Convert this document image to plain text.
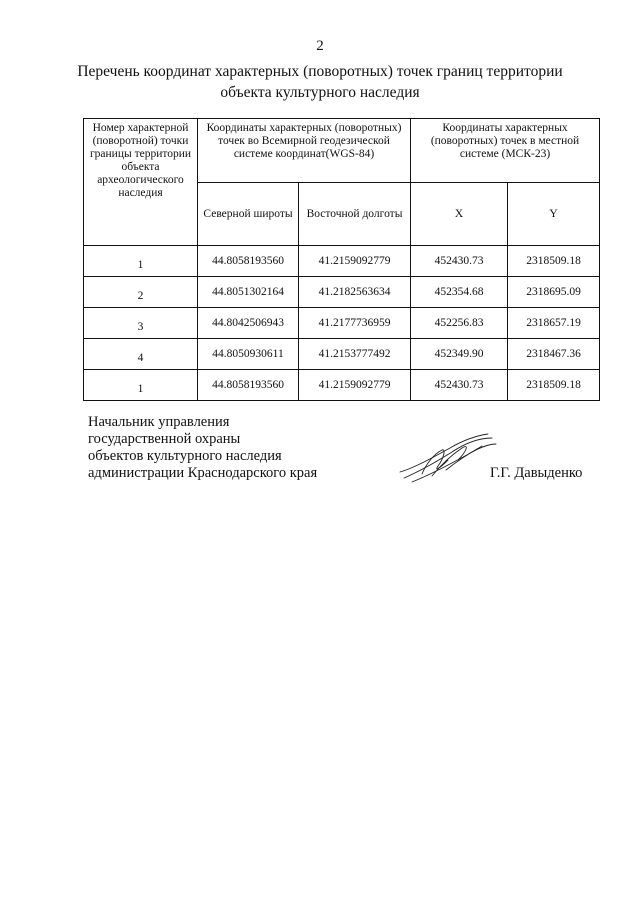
2
Перечень координат характерных (поворотных) точек границ территории
объекта культурного наследия
Номер характерной (поворотной) точки границы территории объекта археологического наследия	Координаты характерных (поворотных) точек во Всемирной геодезической системе координат(WGS-84)		Координаты характерных (поворотных) точек в местной системе (МСК-23)	
	Северной широты	Восточной долготы	X	Y
1	44.8058193560	41.2159092779	452430.73	2318509.18
2	44.8051302164	41.2182563634	452354.68	2318695.09
3	44.8042506943	41.2177736959	452256.83	2318657.19
4	44.8050930611	41.2153777492	452349.90	2318467.36
1	44.8058193560	41.2159092779	452430.73	2318509.18
Начальник управления
государственной охраны
объектов культурного наследия
администрации Краснодарского края	Г.Г. Давыденко
